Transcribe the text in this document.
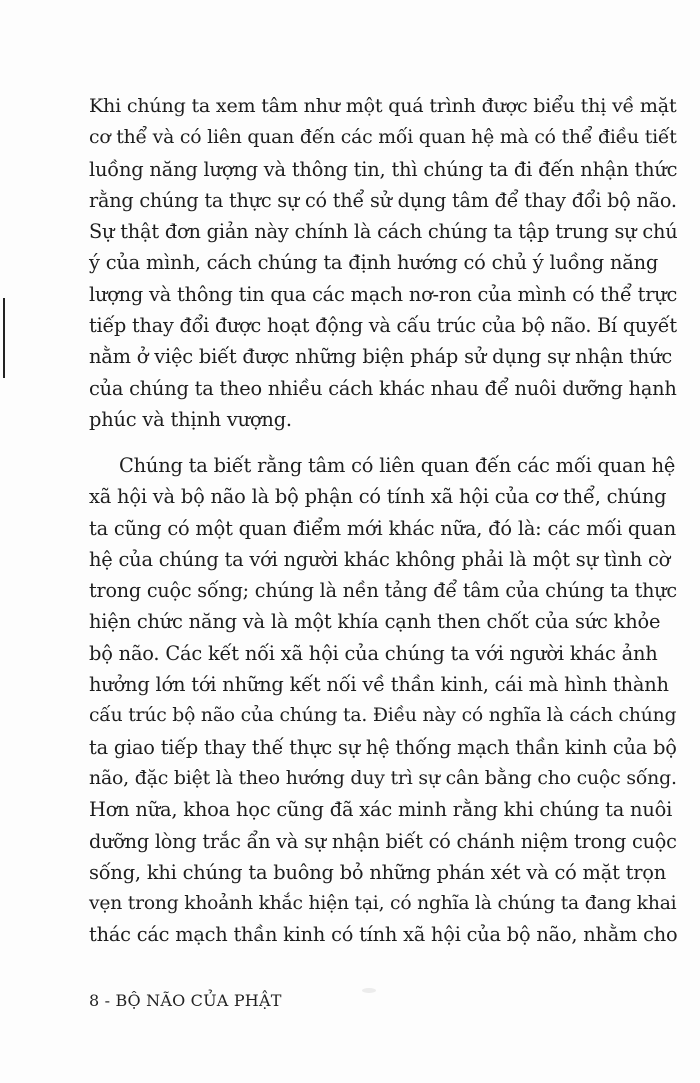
Khi chúng ta xem tâm như một quá trình được biểu thị về mặt
cơ thể và có liên quan đến các mối quan hệ mà có thể điều tiết
luồng năng lượng và thông tin, thì chúng ta đi đến nhận thức
rằng chúng ta thực sự có thể sử dụng tâm để thay đổi bộ não.
Sự thật đơn giản này chính là cách chúng ta tập trung sự chú
ý của mình, cách chúng ta định hướng có chủ ý luồng năng
lượng và thông tin qua các mạch nơ-ron của mình có thể trực
tiếp thay đổi được hoạt động và cấu trúc của bộ não. Bí quyết
nằm ở việc biết được những biện pháp sử dụng sự nhận thức
của chúng ta theo nhiều cách khác nhau để nuôi dưỡng hạnh
phúc và thịnh vượng.
Chúng ta biết rằng tâm có liên quan đến các mối quan hệ
xã hội và bộ não là bộ phận có tính xã hội của cơ thể, chúng
ta cũng có một quan điểm mới khác nữa, đó là: các mối quan
hệ của chúng ta với người khác không phải là một sự tình cờ
trong cuộc sống; chúng là nền tảng để tâm của chúng ta thực
hiện chức năng và là một khía cạnh then chốt của sức khỏe
bộ não. Các kết nối xã hội của chúng ta với người khác ảnh
hưởng lớn tới những kết nối về thần kinh, cái mà hình thành
cấu trúc bộ não của chúng ta. Điều này có nghĩa là cách chúng
ta giao tiếp thay thế thực sự hệ thống mạch thần kinh của bộ
não, đặc biệt là theo hướng duy trì sự cân bằng cho cuộc sống.
Hơn nữa, khoa học cũng đã xác minh rằng khi chúng ta nuôi
dưỡng lòng trắc ẩn và sự nhận biết có chánh niệm trong cuộc
sống, khi chúng ta buông bỏ những phán xét và có mặt trọn
vẹn trong khoảnh khắc hiện tại, có nghĩa là chúng ta đang khai
thác các mạch thần kinh có tính xã hội của bộ não, nhằm cho
8 - BỘ NÃO CỦA PHẬT
